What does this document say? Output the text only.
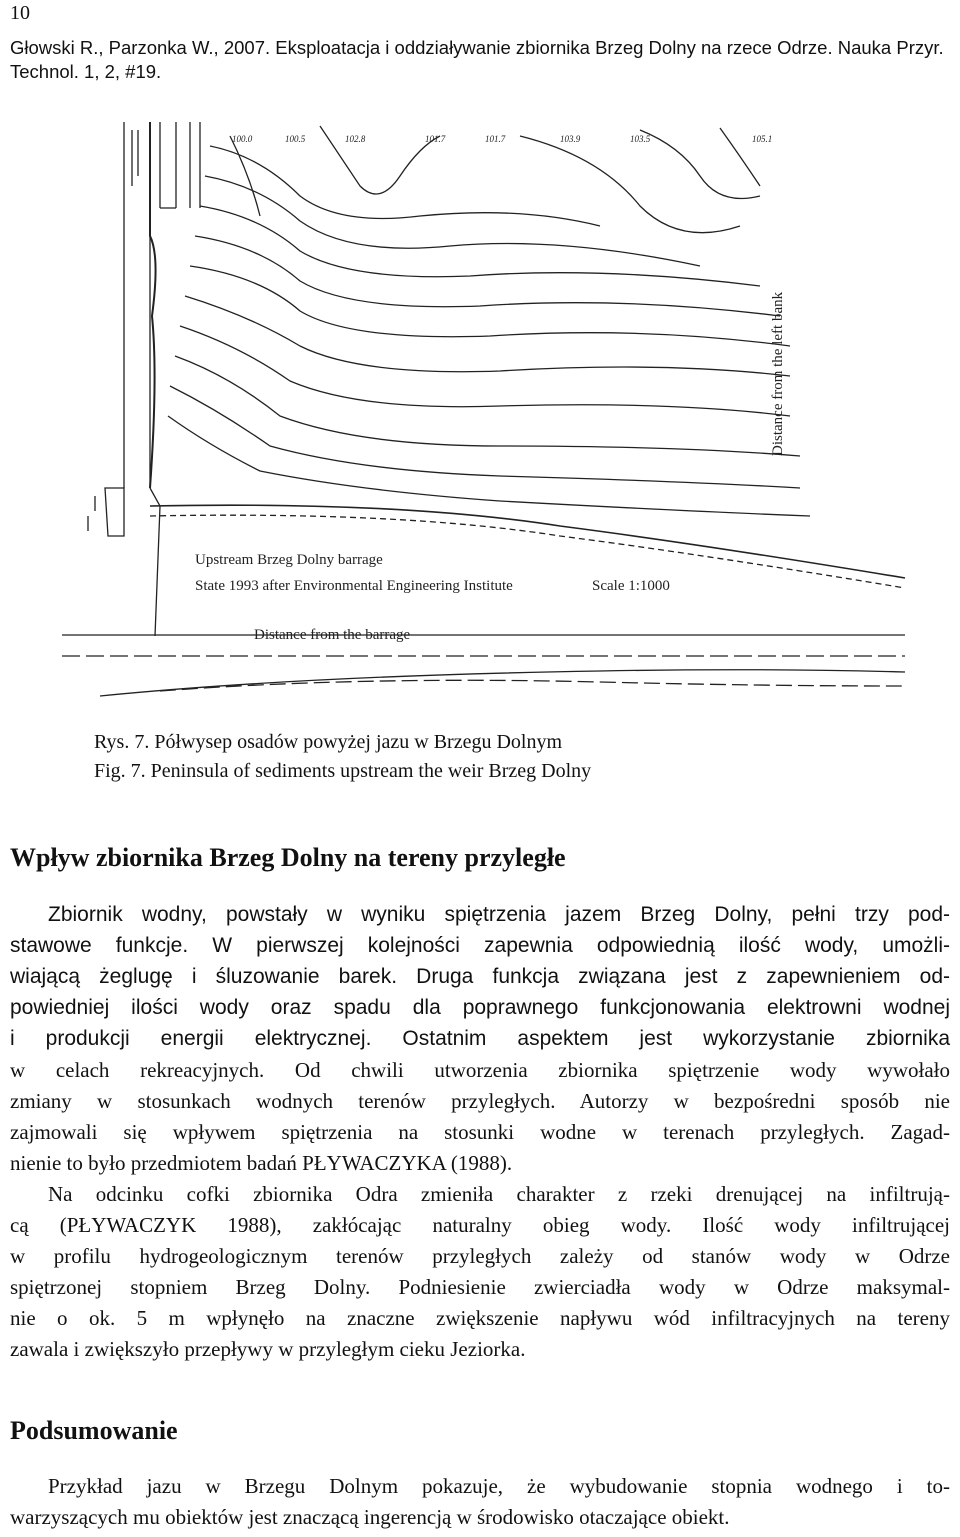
10
Głowski R., Parzonka W., 2007. Eksploatacja i oddziaływanie zbiornika Brzeg Dolny na rzece Odrze. Nauka Przyr. Technol. 1, 2, #19.
100.0	100.5	102.8	101.7	101.7	103.9	103.5	105.1
Upstream Brzeg Dolny barrage
State 1993 after Environmental Engineering Institute	Scale 1:1000
Distance from the barrage
Distance from the left bank
Rys. 7. Półwysep osadów powyżej jazu w Brzegu Dolnym
Fig. 7. Peninsula of sediments upstream the weir Brzeg Dolny
Wpływ zbiornika Brzeg Dolny na tereny przyległe
Zbiornik wodny, powstały w wyniku spiętrzenia jazem Brzeg Dolny, pełni trzy pod-
stawowe funkcje. W pierwszej kolejności zapewnia odpowiednią ilość wody, umożli-
wiającą żeglugę i śluzowanie barek. Druga funkcja związana jest z zapewnieniem od-
powiedniej ilości wody oraz spadu dla poprawnego funkcjonowania elektrowni wodnej
i produkcji energii elektrycznej. Ostatnim aspektem jest wykorzystanie zbiornika
w celach rekreacyjnych. Od chwili utworzenia zbiornika spiętrzenie wody wywołało
zmiany w stosunkach wodnych terenów przyległych. Autorzy w bezpośredni sposób nie
zajmowali się wpływem spiętrzenia na stosunki wodne w terenach przyległych. Zagad-
nienie to było przedmiotem badań PŁYWACZYKA (1988).
Na odcinku cofki zbiornika Odra zmieniła charakter z rzeki drenującej na infiltrują-
cą (PŁYWACZYK 1988), zakłócając naturalny obieg wody. Ilość wody infiltrującej
w profilu hydrogeologicznym terenów przyległych zależy od stanów wody w Odrze
spiętrzonej stopniem Brzeg Dolny. Podniesienie zwierciadła wody w Odrze maksymal-
nie o ok. 5 m wpłynęło na znaczne zwiększenie napływu wód infiltracyjnych na tereny
zawala i zwiększyło przepływy w przyległym cieku Jeziorka.
Podsumowanie
Przykład jazu w Brzegu Dolnym pokazuje, że wybudowanie stopnia wodnego i to-
warzyszących mu obiektów jest znaczącą ingerencją w środowisko otaczające obiekt.
